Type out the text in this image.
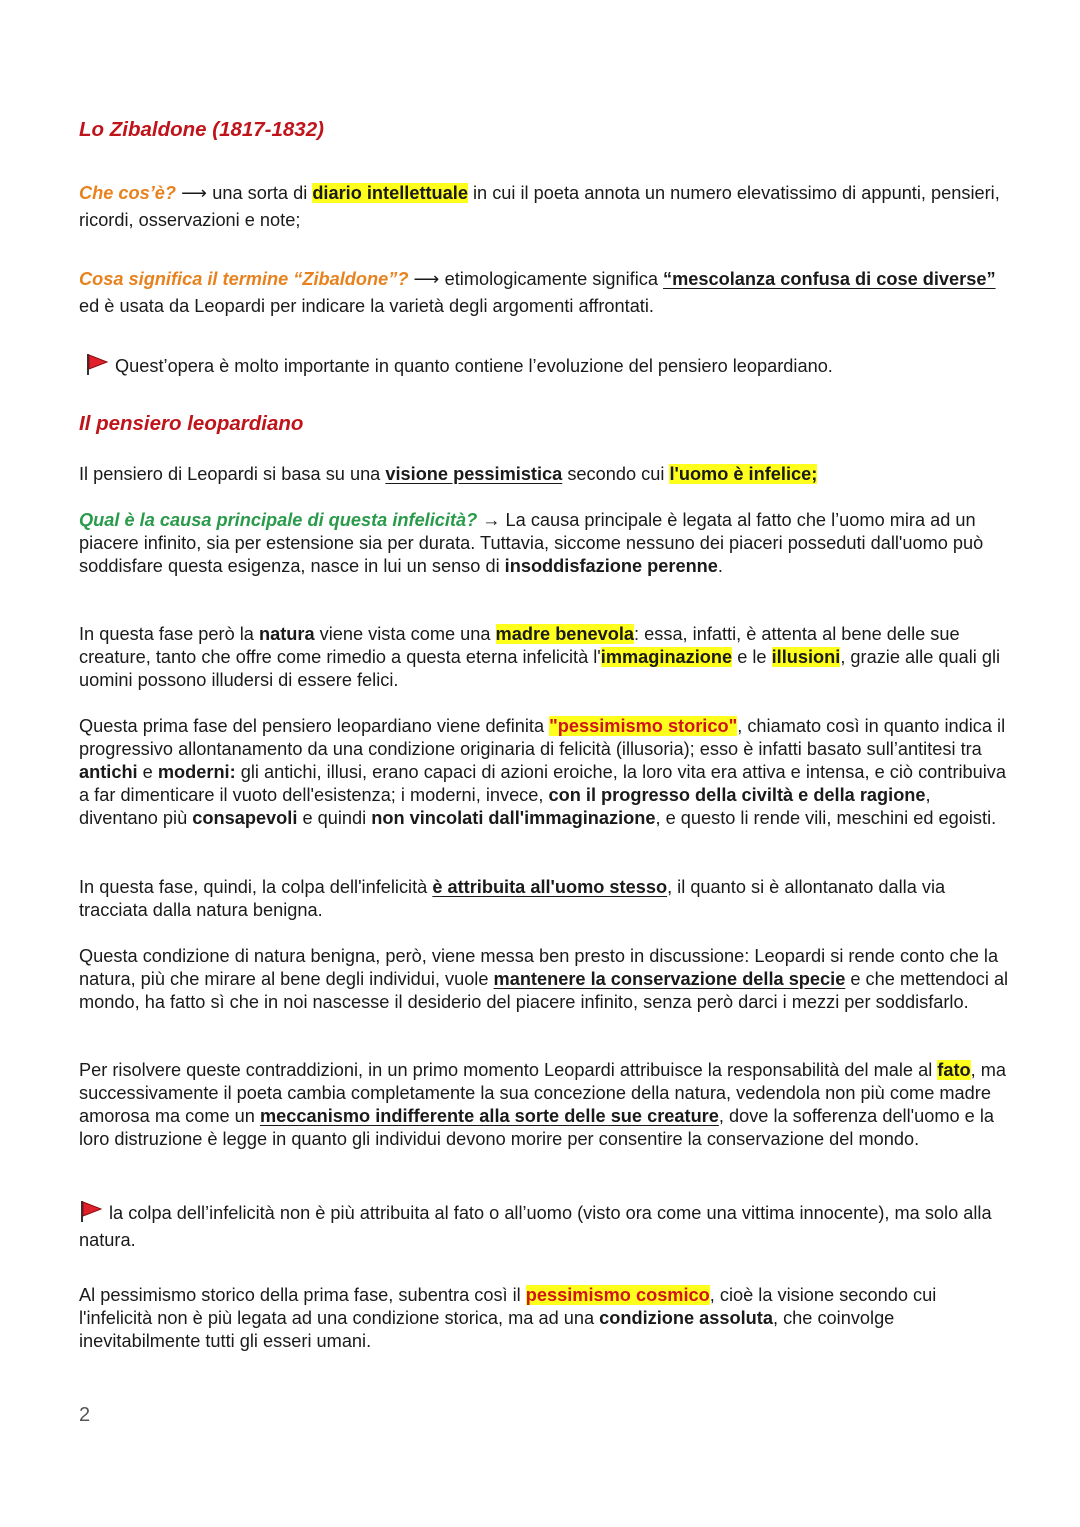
Lo Zibaldone (1817-1832)

Che cos’è? ⟶ una sorta di diario intellettuale in cui il poeta annota un numero elevatissimo di appunti, pensieri, ricordi, osservazioni e note;

Cosa significa il termine “Zibaldone”? ⟶ etimologicamente significa “mescolanza confusa di cose diverse” ed è usata da Leopardi per indicare la varietà degli argomenti affrontati.

Quest’opera è molto importante in quanto contiene l’evoluzione del pensiero leopardiano.

Il pensiero leopardiano

Il pensiero di Leopardi si basa su una visione pessimistica secondo cui l'uomo è infelice;

Qual è la causa principale di questa infelicità? → La causa principale è legata al fatto che l’uomo mira ad un piacere infinito, sia per estensione sia per durata. Tuttavia, siccome nessuno dei piaceri posseduti dall'uomo può soddisfare questa esigenza, nasce in lui un senso di insoddisfazione perenne.

In questa fase però la natura viene vista come una madre benevola: essa, infatti, è attenta al bene delle sue creature, tanto che offre come rimedio a questa eterna infelicità l'immaginazione e le illusioni, grazie alle quali gli uomini possono illudersi di essere felici.

Questa prima fase del pensiero leopardiano viene definita "pessimismo storico", chiamato così in quanto indica il progressivo allontanamento da una condizione originaria di felicità (illusoria); esso è infatti basato sull’antitesi tra antichi e moderni: gli antichi, illusi, erano capaci di azioni eroiche, la loro vita era attiva e intensa, e ciò contribuiva a far dimenticare il vuoto dell'esistenza; i moderni, invece, con il progresso della civiltà e della ragione, diventano più consapevoli e quindi non vincolati dall'immaginazione, e questo li rende vili, meschini ed egoisti.

In questa fase, quindi, la colpa dell'infelicità è attribuita all'uomo stesso, il quanto si è allontanato dalla via tracciata dalla natura benigna.

Questa condizione di natura benigna, però, viene messa ben presto in discussione: Leopardi si rende conto che la natura, più che mirare al bene degli individui, vuole mantenere la conservazione della specie e che mettendoci al mondo, ha fatto sì che in noi nascesse il desiderio del piacere infinito, senza però darci i mezzi per soddisfarlo.

Per risolvere queste contraddizioni, in un primo momento Leopardi attribuisce la responsabilità del male al fato, ma successivamente il poeta cambia completamente la sua concezione della natura, vedendola non più come madre amorosa ma come un meccanismo indifferente alla sorte delle sue creature, dove la sofferenza dell'uomo e la loro distruzione è legge in quanto gli individui devono morire per consentire la conservazione del mondo.

la colpa dell’infelicità non è più attribuita al fato o all’uomo (visto ora come una vittima innocente), ma solo alla natura.

Al pessimismo storico della prima fase, subentra così il pessimismo cosmico, cioè la visione secondo cui l'infelicità non è più legata ad una condizione storica, ma ad una condizione assoluta, che coinvolge inevitabilmente tutti gli esseri umani.

2
